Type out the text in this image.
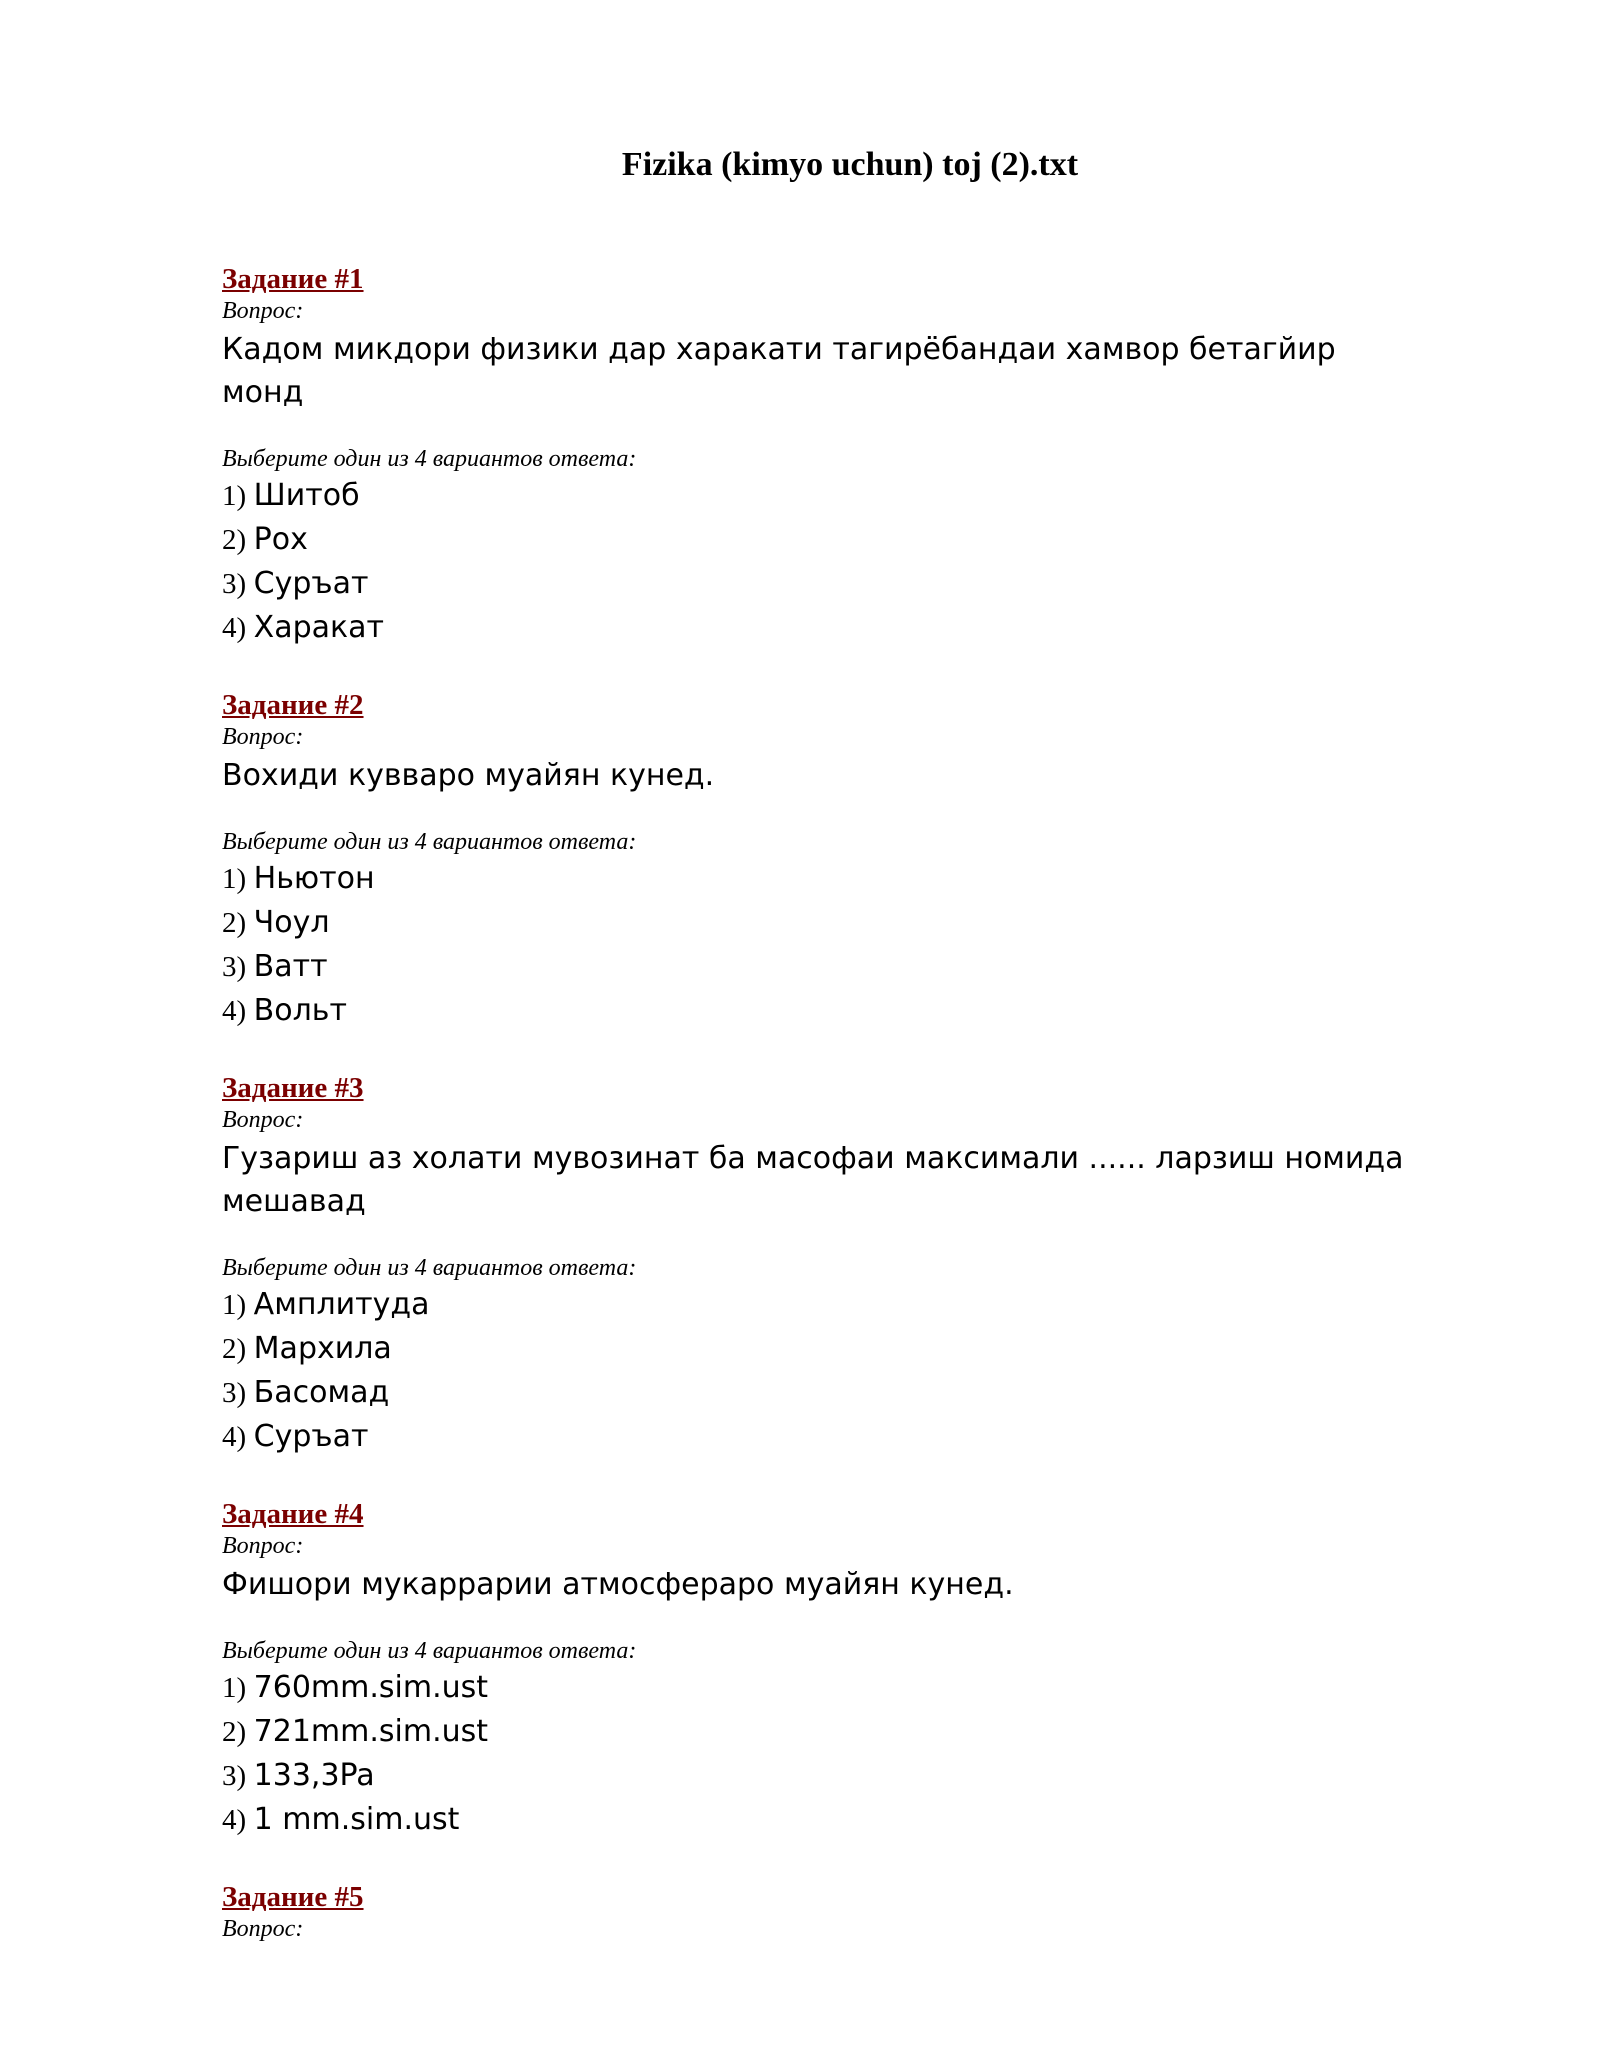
Fizika (kimyo uchun) toj (2).txt
Задание #1
Вопрос:
Кадом микдори физики дар харакати тагирёбандаи хамвор бетагйир монд
Выберите один из 4 вариантов ответа:
1) Шитоб
2) Рох
3) Суръат
4) Харакат
Задание #2
Вопрос:
Вохиди кувваро муайян кунед.
Выберите один из 4 вариантов ответа:
1) Ньютон
2) Чоул
3) Ватт
4) Вольт
Задание #3
Вопрос:
Гузариш аз холати мувозинат ба масофаи максимали ...... ларзиш номида мешавад
Выберите один из 4 вариантов ответа:
1) Амплитуда
2) Мархила
3) Басомад
4) Суръат
Задание #4
Вопрос:
Фишори мукаррарии атмосфераро муайян кунед.
Выберите один из 4 вариантов ответа:
1) 760mm.sim.ust
2) 721mm.sim.ust
3) 133,3Pa
4) 1 mm.sim.ust
Задание #5
Вопрос:
